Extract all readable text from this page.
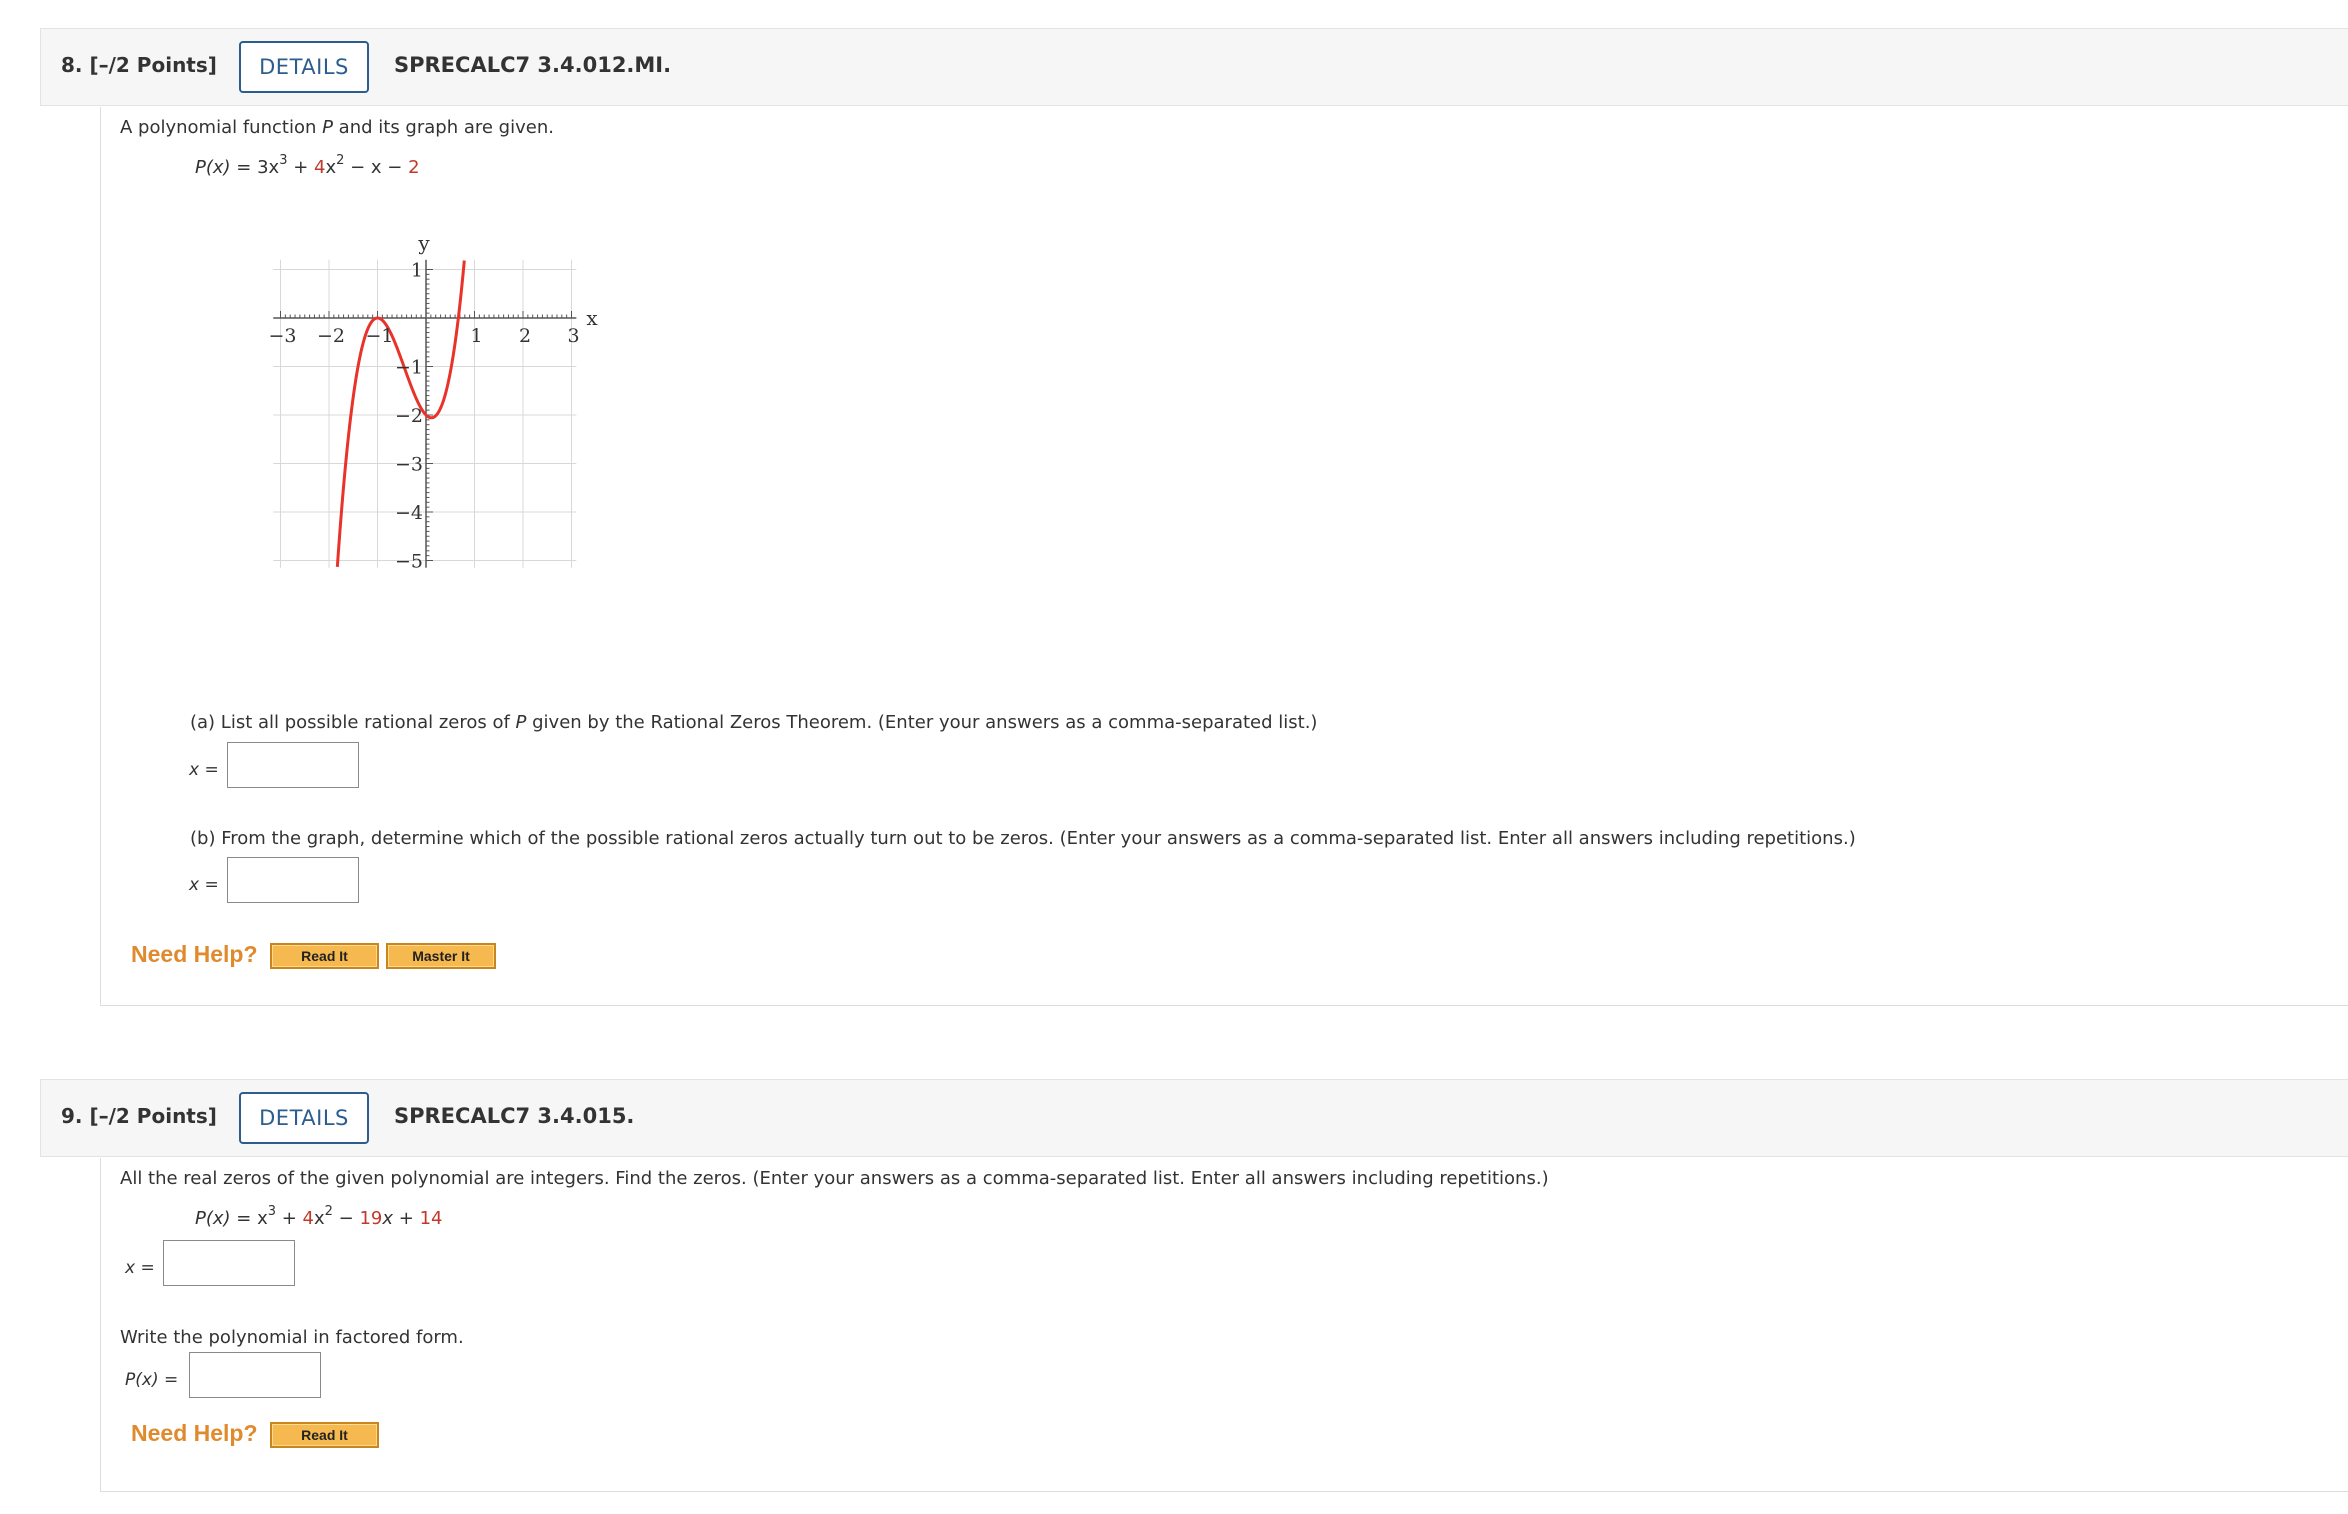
8. [–/2 Points]	DETAILS	SPRECALC7 3.4.012.MI.
A polynomial function P and its graph are given.
$P(x) = 3x^3 + 4x^2 - x - 2$
−3 −2 −1	1 2 3
1
−1
−2
−3
−4
−5
x
y
(a) List all possible rational zeros of P given by the Rational Zeros Theorem. (Enter your answers as a comma-separated list.)
x =
(b) From the graph, determine which of the possible rational zeros actually turn out to be zeros. (Enter your answers as a comma-separated list. Enter all answers including repetitions.)
x =
Need Help?	Read It	Master It
9. [–/2 Points]	DETAILS	SPRECALC7 3.4.015.
All the real zeros of the given polynomial are integers. Find the zeros. (Enter your answers as a comma-separated list. Enter all answers including repetitions.)
$P(x) = x^3 + 4x^2 - 19x + 14$
x =
Write the polynomial in factored form.
P(x) =
Need Help?	Read It
